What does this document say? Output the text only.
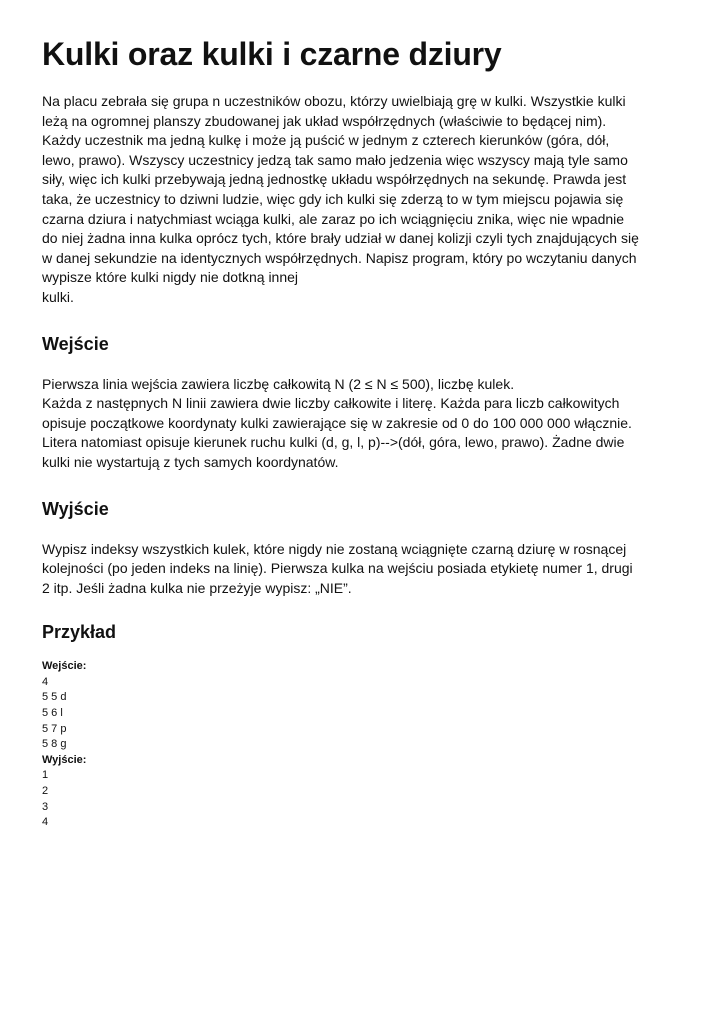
Kulki oraz kulki i czarne dziury
Na placu zebrała się grupa n uczestników obozu, którzy uwielbiają grę w kulki. Wszystkie kulki
leżą na ogromnej planszy zbudowanej jak układ współrzędnych (właściwie to będącej nim).
Każdy uczestnik ma jedną kulkę i może ją puścić w jednym z czterech kierunków (góra, dół,
lewo, prawo). Wszyscy uczestnicy jedzą tak samo mało jedzenia więc wszyscy mają tyle samo
siły, więc ich kulki przebywają jedną jednostkę układu współrzędnych na sekundę. Prawda jest
taka, że uczestnicy to dziwni ludzie, więc gdy ich kulki się zderzą to w tym miejscu pojawia się
czarna dziura i natychmiast wciąga kulki, ale zaraz po ich wciągnięciu znika, więc nie wpadnie
do niej żadna inna kulka oprócz tych, które brały udział w danej kolizji czyli tych znajdujących się
w danej sekundzie na identycznych współrzędnych. Napisz program, który po wczytaniu danych
wypisze które kulki nigdy nie dotkną innej
kulki.
Wejście
Pierwsza linia wejścia zawiera liczbę całkowitą N (2 ≤ N ≤ 500), liczbę kulek.
Każda z następnych N linii zawiera dwie liczby całkowite i literę. Każda para liczb całkowitych
opisuje początkowe koordynaty kulki zawierające się w zakresie od 0 do 100 000 000 włącznie.
Litera natomiast opisuje kierunek ruchu kulki (d, g, l, p)-->(dół, góra, lewo, prawo). Żadne dwie
kulki nie wystartują z tych samych koordynatów.
Wyjście
Wypisz indeksy wszystkich kulek, które nigdy nie zostaną wciągnięte czarną dziurę w rosnącej
kolejności (po jeden indeks na linię). Pierwsza kulka na wejściu posiada etykietę numer 1, drugi
2 itp. Jeśli żadna kulka nie przeżyje wypisz: „NIE”.
Przykład
Wejście:
4
5 5 d
5 6 l
5 7 p
5 8 g
Wyjście:
1
2
3
4
